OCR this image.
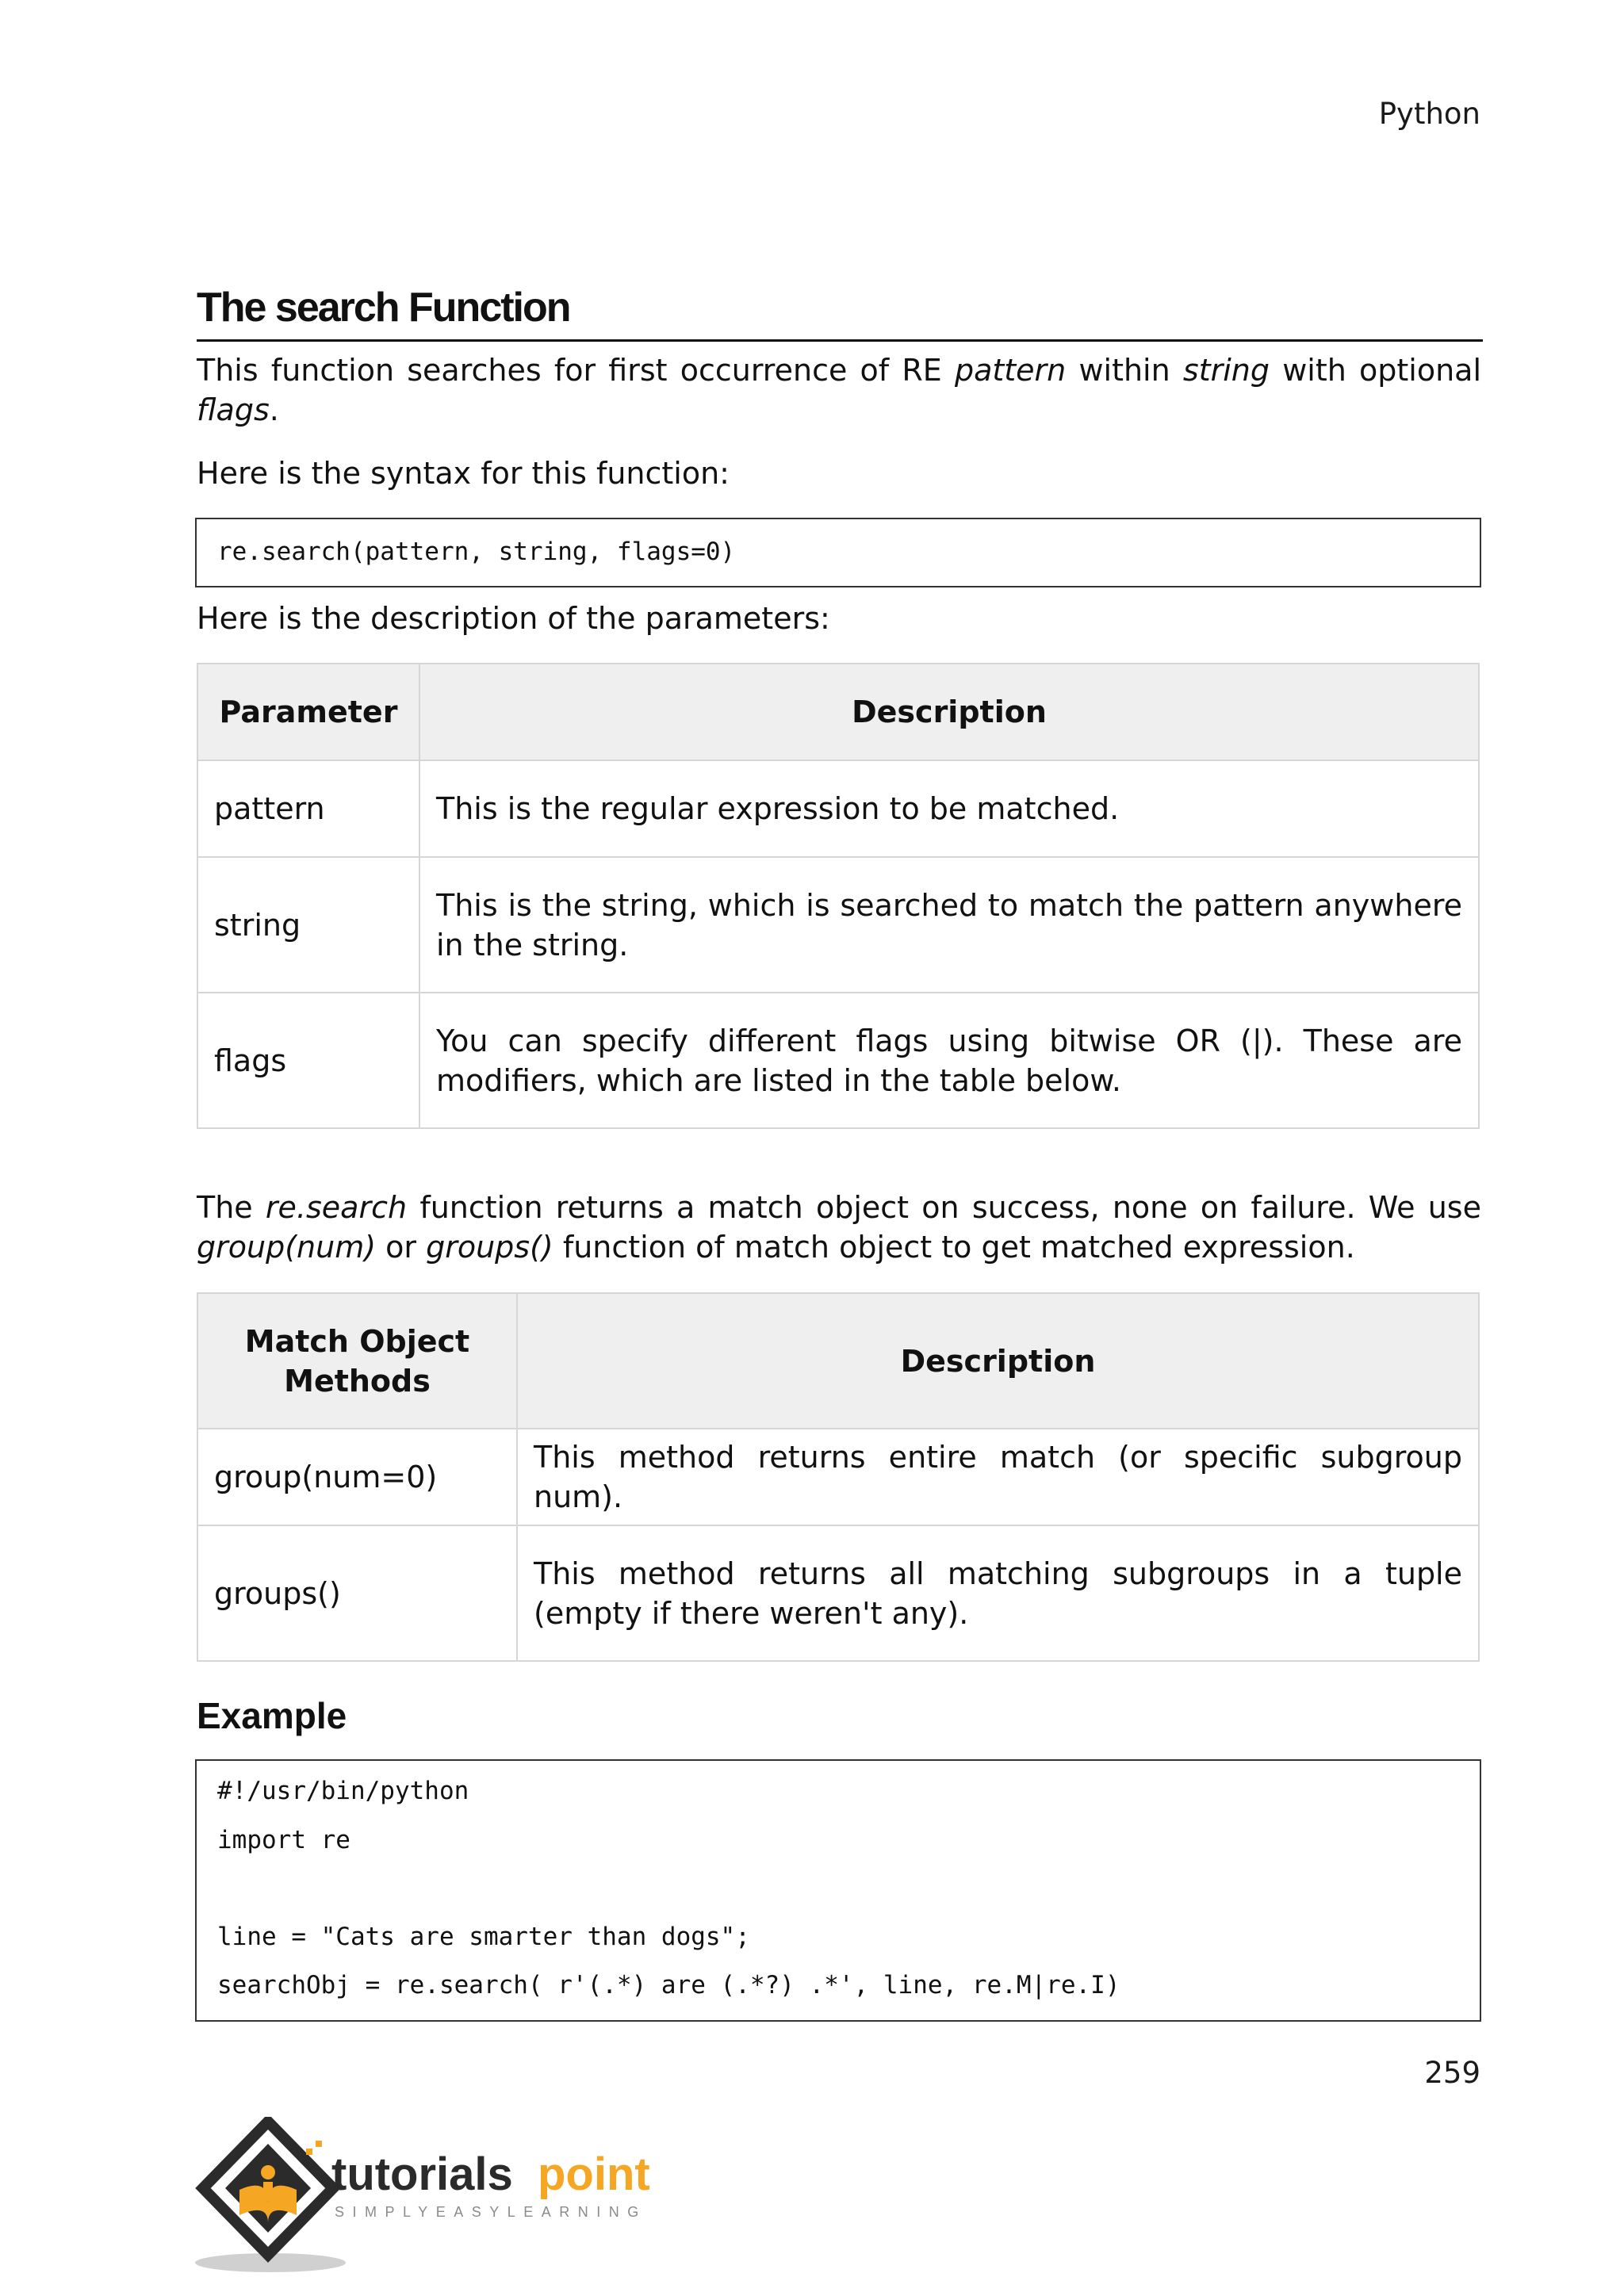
Python
The search Function

This function searches for first occurrence of RE pattern within string with optional flags.

Here is the syntax for this function:

re.search(pattern, string, flags=0)

Here is the description of the parameters:

Parameter	Description
pattern	This is the regular expression to be matched.
string	This is the string, which is searched to match the pattern anywhere in the string.
flags	You can specify different flags using bitwise OR (|). These are modifiers, which are listed in the table below.

The re.search function returns a match object on success, none on failure. We use group(num) or groups() function of match object to get matched expression.

Match Object Methods	Description
group(num=0)	This method returns entire match (or specific subgroup num).
groups()	This method returns all matching subgroups in a tuple (empty if there weren't any).
Example
#!/usr/bin/python
import re
line = "Cats are smarter than dogs";
searchObj = re.search( r'(.*) are (.*?) .*', line, re.M|re.I)
259
tutorials point
SIMPLYEASYLEARNING
